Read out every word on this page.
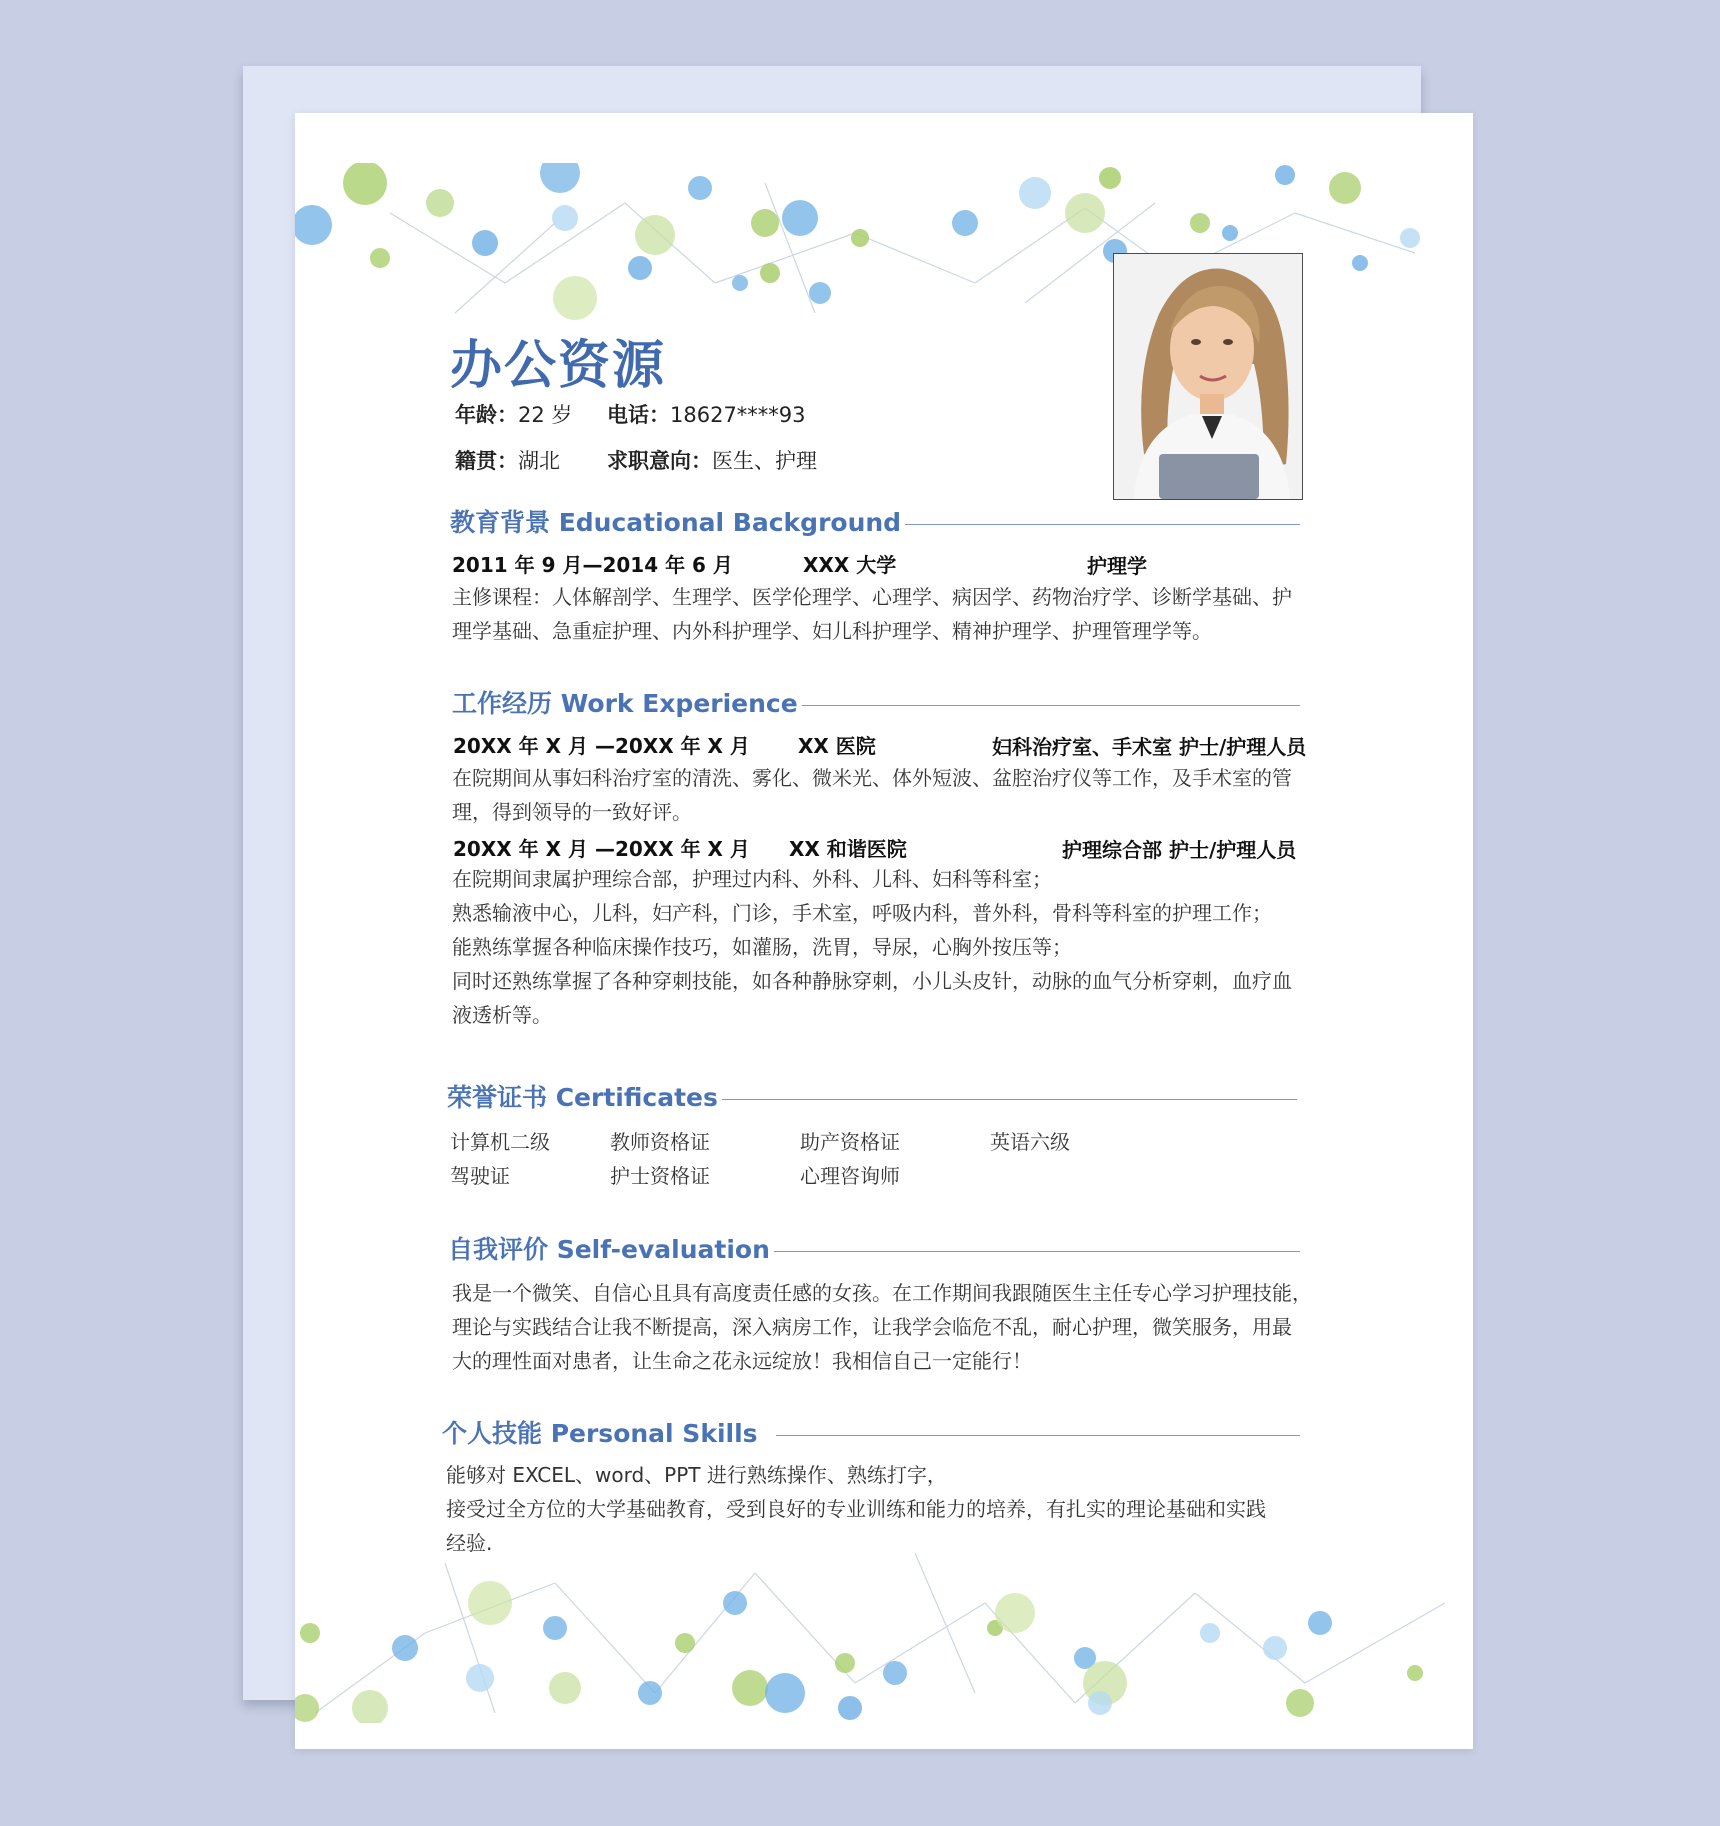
办公资源
年龄：22 岁 电话：18627****93
籍贯：湖北 求职意向：医生、护理
教育背景 Educational Background
2011 年 9 月—2014 年 6 月	XXX 大学	护理学
主修课程：人体解剖学、生理学、医学伦理学、心理学、病因学、药物治疗学、诊断学基础、护
理学基础、急重症护理、内外科护理学、妇儿科护理学、精神护理学、护理管理学等。
工作经历 Work Experience
20XX 年 X 月 —20XX 年 X 月 XX 医院	妇科治疗室、手术室 护士/护理人员
在院期间从事妇科治疗室的清洗、雾化、微米光、体外短波、盆腔治疗仪等工作，及手术室的管
理，得到领导的一致好评。
20XX 年 X 月 —20XX 年 X 月 XX 和谐医院	护理综合部 护士/护理人员
在院期间隶属护理综合部，护理过内科、外科、儿科、妇科等科室；
熟悉输液中心，儿科，妇产科，门诊，手术室，呼吸内科，普外科，骨科等科室的护理工作；
能熟练掌握各种临床操作技巧，如灌肠，洗胃，导尿，心胸外按压等；
同时还熟练掌握了各种穿刺技能，如各种静脉穿刺，小儿头皮针，动脉的血气分析穿刺，血疗血
液透析等。
荣誉证书 Certificates
计算机二级	教师资格证	助产资格证	英语六级
驾驶证	护士资格证	心理咨询师
自我评价 Self-evaluation
我是一个微笑、自信心且具有高度责任感的女孩。在工作期间我跟随医生主任专心学习护理技能，
理论与实践结合让我不断提高，深入病房工作，让我学会临危不乱，耐心护理，微笑服务，用最
大的理性面对患者，让生命之花永远绽放！我相信自己一定能行！
个人技能 Personal Skills
能够对 EXCEL、word、PPT 进行熟练操作、熟练打字，
接受过全方位的大学基础教育，受到良好的专业训练和能力的培养，有扎实的理论基础和实践
经验.
